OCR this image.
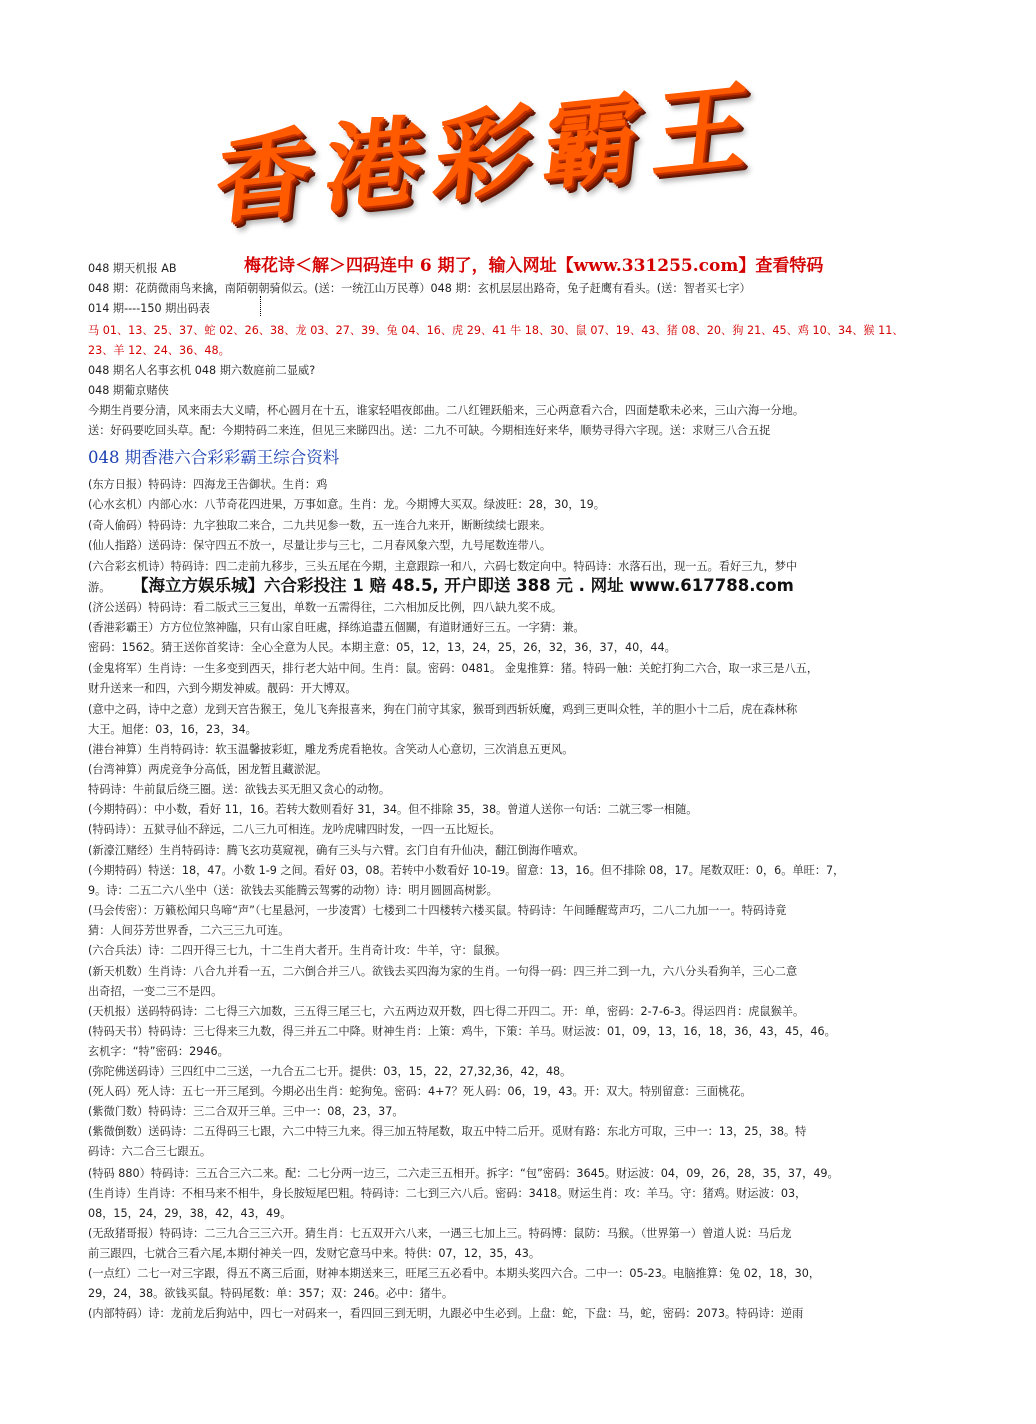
香港彩霸王
梅花诗＜解＞四码连中 6 期了，输入网址【www.331255.com】查看特码
048 期天机报 AB
048 期：花荫微雨鸟来擒，南陌朝朝骑似云。(送：一统江山万民尊）048 期：玄机层层出路奇，兔子赶鹰有看头。(送：智者买七字）
014 期----150 期出码表
马 01、13、25、37、蛇 02、26、38、龙 03、27、39、兔 04、16、虎 29、41 牛 18、30、鼠 07、19、43、猪 08、20、狗 21、45、鸡 10、34、猴 11、
23、羊 12、24、36、48。
048 期名人名事玄机 048 期六数庭前二显威?
048 期葡京赌侠
今期生肖要分清，风来雨去大义晴，杯心圆月在十五，谁家轻唱夜郎曲。二八红锂跃船来，三心两意看六合，四面楚歌未必来，三山六海一分地。
送：好码要吃回头草。配：今期特码二来连，但见三来睇四出。送：二九不可缺。今期相连好来华，顺势寻得六字现。送：求财三八合五捉
(东方日报）特码诗：四海龙王告御状。生肖：鸡
(心水玄机）内部心水：八节奇花四进果，万事如意。生肖：龙。今期博大买双。绿波旺：28，30，19。
(奇人偷码）特码诗：九字独取二来合，二九共见参一数，五一连合九来开，断断续续七跟来。
(仙人指路）送码诗：保守四五不放一，尽量让步与三七，二月春风象六型，九号尾数连带八。
(六合彩玄机诗）特码诗：四二走前九移步，三头五尾在今期，主意跟踪一和八，六码七数定向中。特码诗：水落石出，现一五。看好三九，梦中
游。
(济公送码）特码诗：看二版式三三复出，单数一五需得往，二六相加反比例，四八缺九奖不成。
(香港彩霸王）方方位位煞神臨，只有山家自旺處，择练追盡五個關，有道財通好三五。一字猜：兼。
密码：1562。猜王送你首奖诗：全心全意为人民。本期主意：05，12，13，24，25，26，32，36，37，40，44。
(金鬼将军）生肖诗：一生多变到西天，排行老大站中间。生肖：鼠。密码：0481。 金鬼推算：猪。特码一触：关蛇打狗二六合，取一求三是八五，
财升送来一和四，六到今期发神威。靓码：开大博双。
(意中之码，诗中之意）龙到天宫告猴王，兔儿飞奔报喜来，狗在门前守其家，猴哥到西斩妖魔，鸡到三更叫众牲，羊的胆小十二后，虎在森林称
大王。旭佬：03，16，23，34。
(港台神算）生肖特码诗：软玉温馨披彩虹，雕龙秀虎看艳妆。含笑动人心意切，三次消息五更风。
(台湾神算）两虎竞争分高低，困龙暂且藏淤泥。
特码诗：牛前鼠后绕三圈。送：欲钱去买无胆又贪心的动物。
(今期特码）：中小数，看好 11，16。若转大数则看好 31，34。但不排除 35，38。曾道人送你一句话：二就三零一相随。
(特码诗）：五狱寻仙不辞远，二八三九可相连。龙吟虎啸四时发，一四一五比短长。
(新濠江赌经）生肖特码诗：腾飞玄功莫窥视，确有三头与六臂。玄门自有升仙决，翻江倒海作嘻欢。
(今期特码）特送：18，47。小数 1-9 之间。看好 03，08。若转中小数看好 10-19。留意：13，16。但不排除 08，17。尾数双旺：0，6。单旺：7，
9。诗：二五二六八坐中（送：欲钱去买能腾云驾雾的动物）诗：明月圆圆高树影。
(马会传密）：万籁松闻只鸟啼“声”（七星悬河，一步凌霄）七楼到二十四楼转六楼买鼠。特码诗：午间睡醒莺声巧，二八二九加一一。特码诗竟
猜：人间芬芳世界香，二六三三九可连。
(六合兵法）诗：二四开得三七九，十二生肖大者开。生肖奇计攻：牛羊，守：鼠猴。
(新天机数）生肖诗：八合九并看一五，二六倒合并三八。欲钱去买四海为家的生肖。一句得一码：四三并二到一九，六八分头看狗羊，三心二意
出奇招，一变二三不是四。
(天机报）送码特码诗：二七得三六加数，三五得三尾三七，六五两边双开数，四七得二开四二。开：单，密码：2-7-6-3。得运四肖：虎鼠猴羊。
(特码天书）特码诗：三七得来三九数，得三并五二中降。财神生肖：上策：鸡牛，下策：羊马。财运波：01，09，13，16，18，36，43，45，46。
玄机字：“特”密码：2946。
(弥陀佛送码诗）三四红中二三送，一九合五二七开。提供：03，15，22，27,32,36，42，48。
(死人码）死人诗：五七一开三尾到。今期必出生肖：蛇狗兔。密码：4+7？死人码：06，19，43。开：双大。特别留意：三面桃花。
(紫微门数）特码诗：三二合双开三单。三中一：08，23，37。
(紫微倒数）送码诗：二五得码三七跟，六二中特三九来。得三加五特尾数，取五中特二后开。觅财有路：东北方可取，三中一：13，25，38。特
码诗：六二合三七跟五。
(特码 880）特码诗：三五合三六二来。配：二七分两一边三，二六走三五相开。拆字：“包”密码：3645。财运波：04，09，26，28，35，37，49。
(生肖诗）生肖诗：不相马来不相牛，身长胺短尾巴粗。特码诗：二七到三六八后。密码：3418。财运生肖：攻：羊马。守：猪鸡。财运波：03，
08，15，24，29，38，42，43，49。
(无敌猪哥报）特码诗：二三九合三三六开。猜生肖：七五双开六八来，一遇三七加上三。特码博：鼠防：马猴。（世界第一）曾道人说：马后龙
前三跟四，七就合三看六尾,本期付神关一四，发财它意马中来。特供：07，12，35，43。
(一点红）二七一对三字跟，得五不离三后面，财神本期送来三，旺尾三五必看中。本期头奖四六合。二中一：05-23。电脑推算：兔 02，18，30，
29，24，38。欲钱买鼠。特码尾数：单：357；双：246。必中：猪牛。
(内部特码）诗：龙前龙后狗站中，四七一对码来一，看四回三到无明，九跟必中生必到。上盘：蛇，下盘：马，蛇，密码：2073。特码诗：逆雨
048 期香港六合彩彩霸王综合资料
【海立方娱乐城】六合彩投注 1 赔 48.5, 开户即送 388 元 . 网址 www.617788.com
